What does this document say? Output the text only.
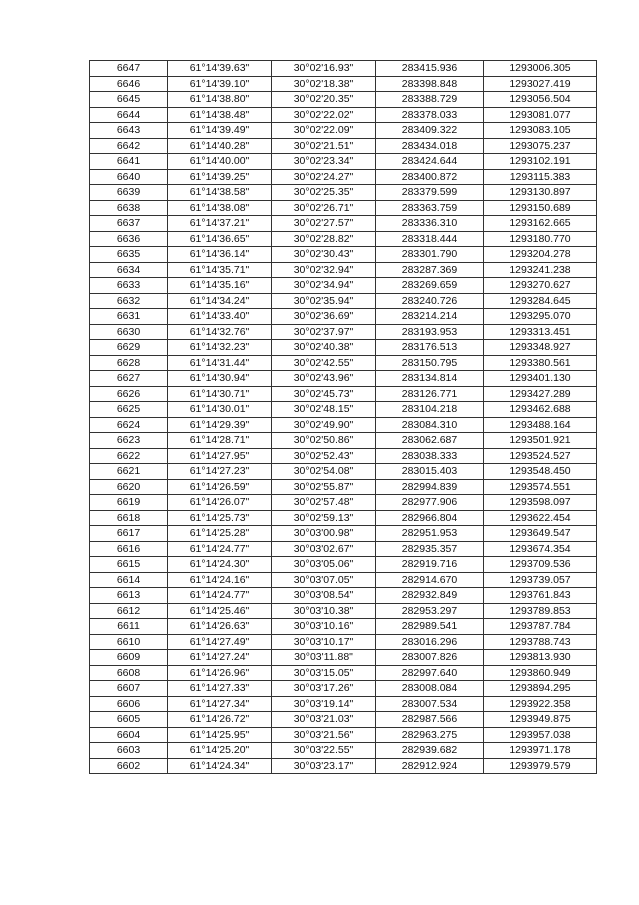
6647	61°14'39.63"	30°02'16.93"	283415.936	1293006.305
6646	61°14'39.10"	30°02'18.38"	283398.848	1293027.419
6645	61°14'38.80"	30°02'20.35"	283388.729	1293056.504
6644	61°14'38.48"	30°02'22.02"	283378.033	1293081.077
6643	61°14'39.49"	30°02'22.09"	283409.322	1293083.105
6642	61°14'40.28"	30°02'21.51"	283434.018	1293075.237
6641	61°14'40.00"	30°02'23.34"	283424.644	1293102.191
6640	61°14'39.25"	30°02'24.27"	283400.872	1293115.383
6639	61°14'38.58"	30°02'25.35"	283379.599	1293130.897
6638	61°14'38.08"	30°02'26.71"	283363.759	1293150.689
6637	61°14'37.21"	30°02'27.57"	283336.310	1293162.665
6636	61°14'36.65"	30°02'28.82"	283318.444	1293180.770
6635	61°14'36.14"	30°02'30.43"	283301.790	1293204.278
6634	61°14'35.71"	30°02'32.94"	283287.369	1293241.238
6633	61°14'35.16"	30°02'34.94"	283269.659	1293270.627
6632	61°14'34.24"	30°02'35.94"	283240.726	1293284.645
6631	61°14'33.40"	30°02'36.69"	283214.214	1293295.070
6630	61°14'32.76"	30°02'37.97"	283193.953	1293313.451
6629	61°14'32.23"	30°02'40.38"	283176.513	1293348.927
6628	61°14'31.44"	30°02'42.55"	283150.795	1293380.561
6627	61°14'30.94"	30°02'43.96"	283134.814	1293401.130
6626	61°14'30.71"	30°02'45.73"	283126.771	1293427.289
6625	61°14'30.01"	30°02'48.15"	283104.218	1293462.688
6624	61°14'29.39"	30°02'49.90"	283084.310	1293488.164
6623	61°14'28.71"	30°02'50.86"	283062.687	1293501.921
6622	61°14'27.95"	30°02'52.43"	283038.333	1293524.527
6621	61°14'27.23"	30°02'54.08"	283015.403	1293548.450
6620	61°14'26.59"	30°02'55.87"	282994.839	1293574.551
6619	61°14'26.07"	30°02'57.48"	282977.906	1293598.097
6618	61°14'25.73"	30°02'59.13"	282966.804	1293622.454
6617	61°14'25.28"	30°03'00.98"	282951.953	1293649.547
6616	61°14'24.77"	30°03'02.67"	282935.357	1293674.354
6615	61°14'24.30"	30°03'05.06"	282919.716	1293709.536
6614	61°14'24.16"	30°03'07.05"	282914.670	1293739.057
6613	61°14'24.77"	30°03'08.54"	282932.849	1293761.843
6612	61°14'25.46"	30°03'10.38"	282953.297	1293789.853
6611	61°14'26.63"	30°03'10.16"	282989.541	1293787.784
6610	61°14'27.49"	30°03'10.17"	283016.296	1293788.743
6609	61°14'27.24"	30°03'11.88"	283007.826	1293813.930
6608	61°14'26.96"	30°03'15.05"	282997.640	1293860.949
6607	61°14'27.33"	30°03'17.26"	283008.084	1293894.295
6606	61°14'27.34"	30°03'19.14"	283007.534	1293922.358
6605	61°14'26.72"	30°03'21.03"	282987.566	1293949.875
6604	61°14'25.95"	30°03'21.56"	282963.275	1293957.038
6603	61°14'25.20"	30°03'22.55"	282939.682	1293971.178
6602	61°14'24.34"	30°03'23.17"	282912.924	1293979.579
